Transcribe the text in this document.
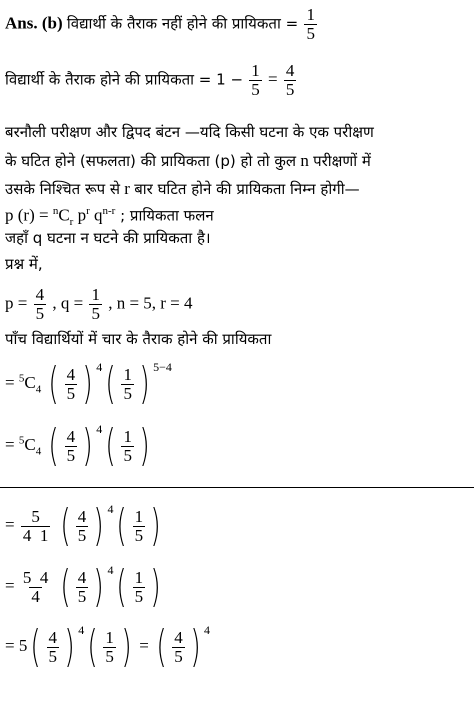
Ans. (b) विद्यार्थी के तैराक नहीं होने की प्रायिकता = $\frac{1}{5}$
विद्यार्थी के तैराक होने की प्रायिकता = $1 - \frac{1}{5} = \frac{4}{5}$
बरनौली परीक्षण और द्विपद बंटन —यदि किसी घटना के एक परीक्षण
के घटित होने (सफलता) की प्रायिकता (p) हो तो कुल n परीक्षणों में
उसके निश्चित रूप से r बार घटित होने की प्रायिकता निम्न होगी—
p $(r) = ^nC_r$ $p^r$ $q^{n-r}$ ; प्रायिकता फलन
जहाँ q घटना न घटने की प्रायिकता है।
प्रश्न में,
$p = \frac{4}{5}$ , $q = \frac{1}{5}$ , n = 5, r = 4
पाँच विद्यार्थियों में चार के तैराक होने की प्रायिकता
= $^5C_4$ ( $\frac{4}{5}$ ) $^4$ ( $\frac{1}{5}$ ) $^{5-4}$
= $^5C_4$ ( $\frac{4}{5}$ ) $^4$ ( $\frac{1}{5}$ )
= $\frac{5}{4 1}$
( $\frac{4}{5}$ ) $^4$ ( $\frac{1}{5}$ )
= $\frac{5 4}{4}$
( $\frac{4}{5}$ ) $^4$ ( $\frac{1}{5}$ )
= 5 ( $\frac{4}{5}$ ) $^4$ ( $\frac{1}{5}$ ) = ( $\frac{4}{5}$ ) $^4$
